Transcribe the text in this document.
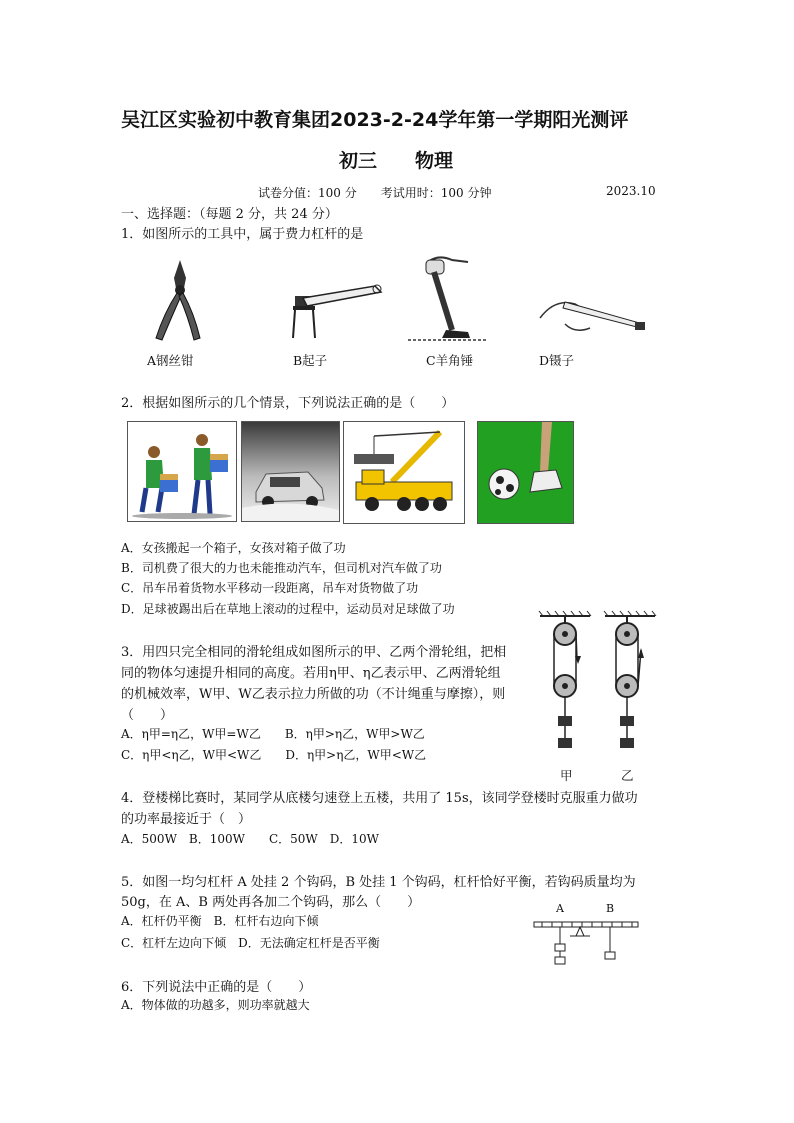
吴江区实验初中教育集团2023-2-24学年第一学期阳光测评
初三　　物理
试卷分值：100 分　　考试用时：100 分钟	2023.10
一、选择题：（每题 2 分，共 24 分）
1．如图所示的工具中，属于费力杠杆的是
A钢丝钳	B起子	C羊角锤	D镊子
2．根据如图所示的几个情景，下列说法正确的是（　　）
A．女孩搬起一个箱子，女孩对箱子做了功
B．司机费了很大的力也未能推动汽车，但司机对汽车做了功
C．吊车吊着货物水平移动一段距离，吊车对货物做了功
D．足球被踢出后在草地上滚动的过程中，运动员对足球做了功
3．用四只完全相同的滑轮组成如图所示的甲、乙两个滑轮组，把相
同的物体匀速提升相同的高度。若用η甲、η乙表示甲、乙两滑轮组
的机械效率，W甲、W乙表示拉力所做的功（不计绳重与摩擦），则
（　　）
A．η甲=η乙，W甲=W乙　　B．η甲>η乙，W甲>W乙
C．η甲<η乙，W甲<W乙　　D．η甲>η乙，W甲<W乙
甲	乙
4．登楼梯比赛时，某同学从底楼匀速登上五楼，共用了 15s，该同学登楼时克服重力做功
的功率最接近于（　）
A．500W　B．100W　　C．50W　D．10W
5．如图一均匀杠杆 A 处挂 2 个钩码，B 处挂 1 个钩码，杠杆恰好平衡，若钩码质量均为
50g，在 A、B 两处再各加二个钩码，那么（　　）
A．杠杆仍平衡　B．杠杆右边向下倾
C．杠杆左边向下倾　D．无法确定杠杆是否平衡
A	B
6．下列说法中正确的是（　　）
A．物体做的功越多，则功率就越大
